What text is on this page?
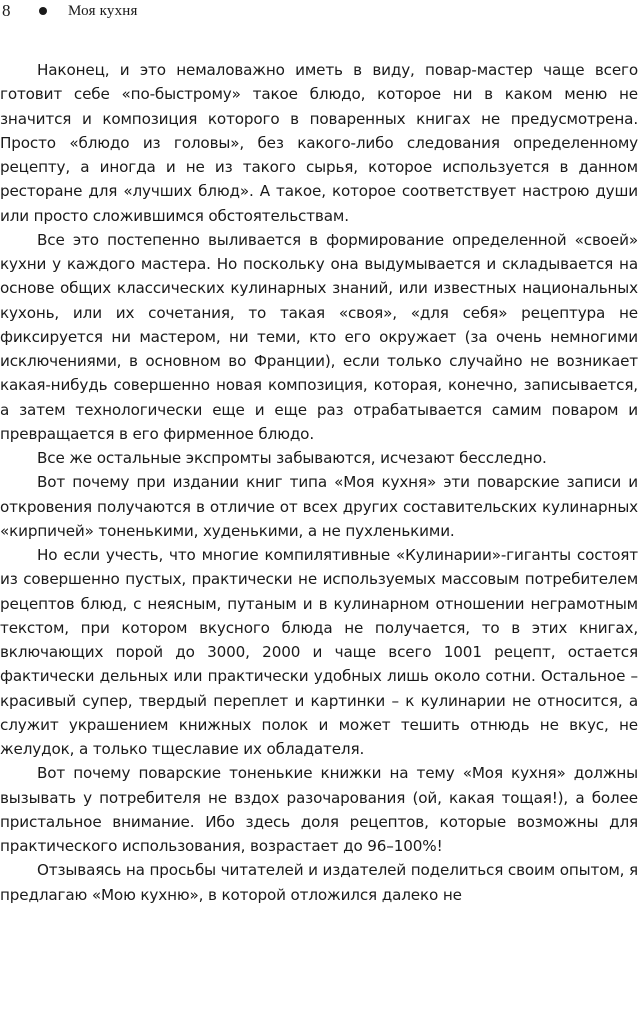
8	Моя кухня

Наконец, и это немаловажно иметь в виду, повар-мастер чаще всего готовит себе «по-быстрому» такое блюдо, которое ни в каком меню не значится и композиция которого в поваренных книгах не предусмотрена. Просто «блюдо из головы», без какого-либо следования определенному рецепту, а иногда и не из такого сырья, которое используется в данном ресторане для «лучших блюд». А такое, которое соответствует настрою души или просто сложившимся обстоятельствам.

Все это постепенно выливается в формирование определенной «своей» кухни у каждого мастера. Но поскольку она выдумывается и складывается на основе общих классических кулинарных знаний, или известных национальных кухонь, или их сочетания, то такая «своя», «для себя» рецептура не фиксируется ни мастером, ни теми, кто его окружает (за очень немногими исключениями, в основном во Франции), если только случайно не возникает какая-нибудь совершенно новая композиция, которая, конечно, записывается, а затем технологически еще и еще раз отрабатывается самим поваром и превращается в его фирменное блюдо.

Все же остальные экспромты забываются, исчезают бесследно.

Вот почему при издании книг типа «Моя кухня» эти поварские записи и откровения получаются в отличие от всех других составительских кулинарных «кирпичей» тоненькими, худенькими, а не пухленькими.

Но если учесть, что многие компилятивные «Кулинарии»-гиганты состоят из совершенно пустых, практически не используемых массовым потребителем рецептов блюд, с неясным, путаным и в кулинарном отношении неграмотным текстом, при котором вкусного блюда не получается, то в этих книгах, включающих порой до 3000, 2000 и чаще всего 1001 рецепт, остается фактически дельных или практически удобных лишь около сотни. Остальное – красивый супер, твердый переплет и картинки – к кулинарии не относится, а служит украшением книжных полок и может тешить отнюдь не вкус, не желудок, а только тщеславие их обладателя.

Вот почему поварские тоненькие книжки на тему «Моя кухня» должны вызывать у потребителя не вздох разочарования (ой, какая тощая!), а более пристальное внимание. Ибо здесь доля рецептов, которые возможны для практического использования, возрастает до 96–100%!

Отзываясь на просьбы читателей и издателей поделиться своим опытом, я предлагаю «Мою кухню», в которой отложился далеко не
